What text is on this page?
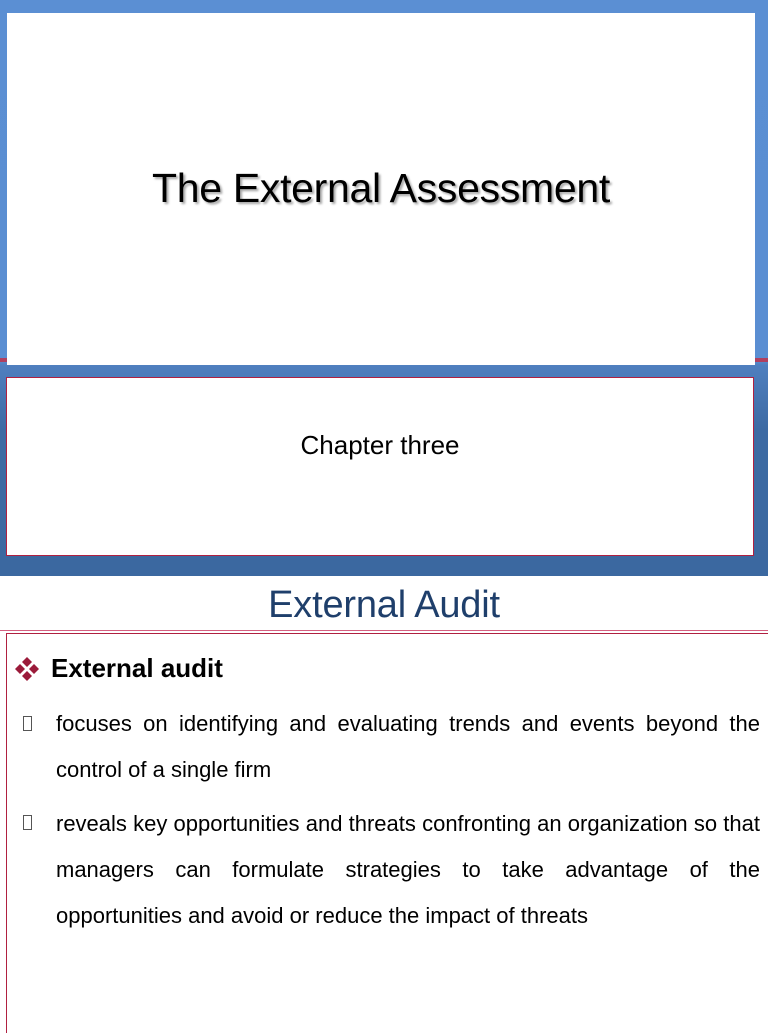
The External Assessment
Chapter three
External Audit
External audit
focuses on identifying and evaluating trends and events beyond the control of a single firm
reveals key opportunities and threats confronting an organization so that managers can formulate strategies to take advantage of the opportunities and avoid or reduce the impact of threats
